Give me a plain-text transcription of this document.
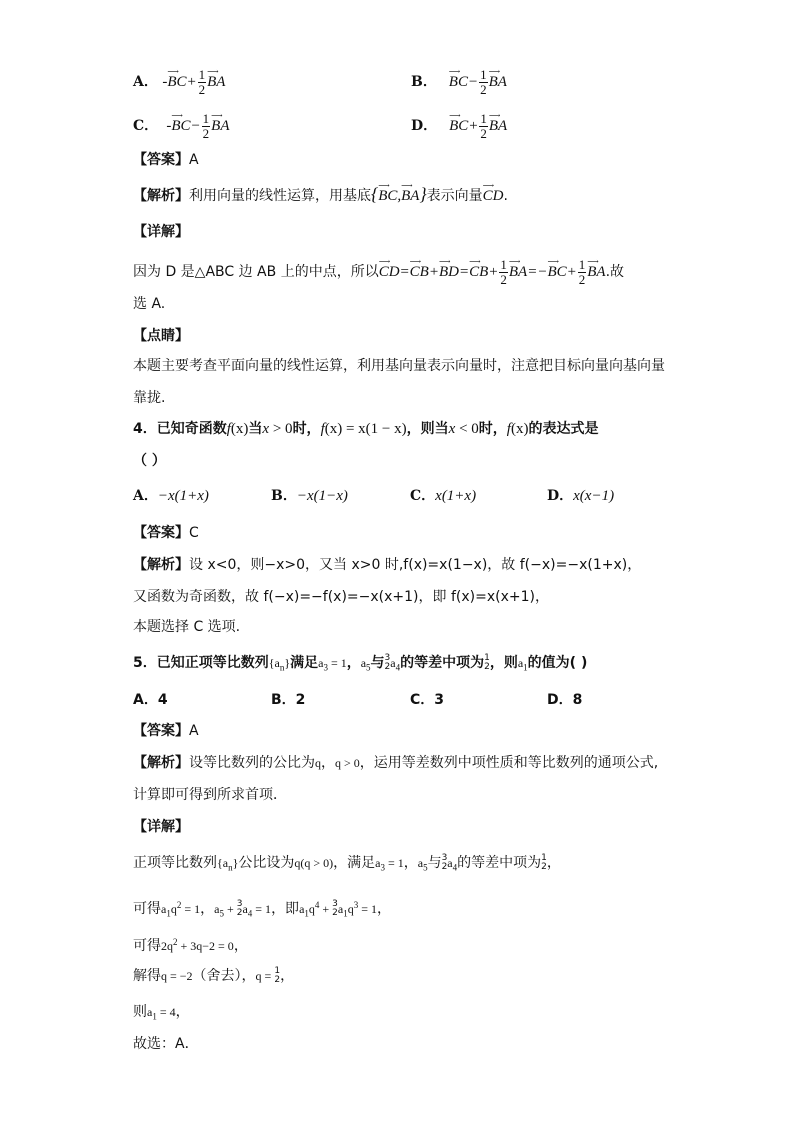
A． -BC
⟶
+ $\frac{1}{2}$ BA
⟶
B． BC
⟶
− $\frac{1}{2}$ BA
⟶
C．  -BC
⟶
− $\frac{1}{2}$ BA
⟶
D． BC
⟶
+ $\frac{1}{2}$ BA
⟶
【答案】A
【解析】利用向量的线性运算，用基底{BC
⟶
,BA
⟶ }表示向量CD
⟶
.
【详解】
因为 D 是△ABC 边 AB 上的中点，所以CD
⟶
=CB
⟶
+BD
⟶
=CB
⟶
+ $\frac{1}{2}$ BA
⟶
=−BC
⟶
+ $\frac{1}{2}$ BA
⟶
.故
选 A.
【点睛】
本题主要考查平面向量的线性运算，利用基向量表示向量时，注意把目标向量向基向量
靠拢.
4．已知奇函数f(x)当x > 0时，f(x) = x(1 − x)，则当x < 0时，f(x)的表达式是
（ ）
A．−x(1+x)	B．−x(1−x)	C．x(1+x)	D．x(x−1)
【答案】C
【解析】设 x<0，则−x>0，又当 x>0 时,f(x)=x(1−x)，故 f(−x)=−x(1+x)，
又函数为奇函数，故 f(−x)=−f(x)=−x(x+1)，即 f(x)=x(x+1)，
本题选择 C 选项.
5．已知正项等比数列$\{a_n\}$满足$a_3 = 1$，$a_5$与 3
2 $a_4$的等差中项为 1
2 ，则$a_1$的值为( )
A．4	B．2	C．3	D．8
【答案】A
【解析】设等比数列的公比为q，q > 0，运用等差数列中项性质和等比数列的通项公式,
计算即可得到所求首项．
【详解】
正项等比数列$\{a_n\}$公比设为q(q > 0)，满足$a_3 = 1$，$a_5$与 3
2 $a_4$的等差中项为 1
2 ，
可得$a_1q^2 = 1$，$a_5 + 3$
2 $a_4 = 1$，即$a_1q^4 + 3$
2 $a_1q^3 = 1$，
可得$2q^2 + 3q-2 = 0$，
解得q = −2（舍去），q = 1
2 ，
则$a_1 = 4$，
故选：A．
